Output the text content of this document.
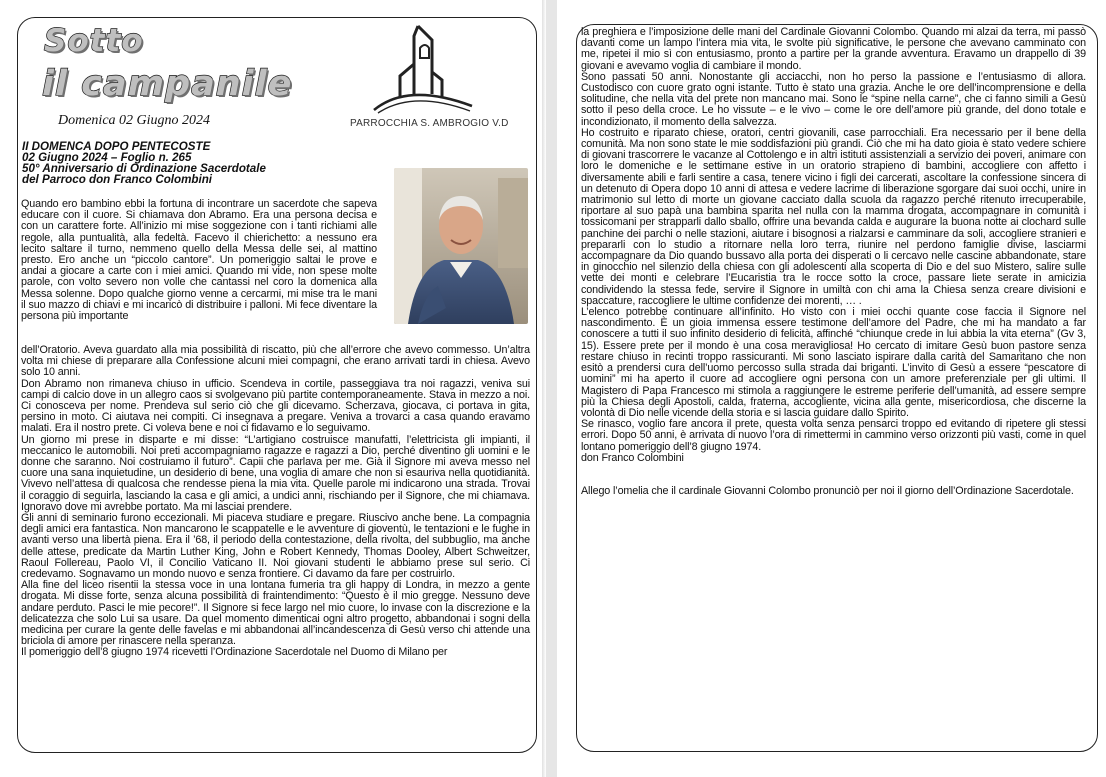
Sotto
il campanile
Domenica 02 Giugno 2024	PARROCCHIA S. AMBROGIO V.D
II DOMENCA DOPO PENTECOSTE
02 Giugno 2024 – Foglio n. 265
50° Anniversario di Ordinazione Sacerdotale
del Parroco don Franco Colombini
Quando ero bambino ebbi la fortuna di incontrare un sacerdote che sapeva educare con il cuore. Si chiamava don Abramo. Era una persona decisa e con un carattere forte. All’inizio mi mise soggezione con i tanti richiami alle regole, alla puntualità, alla fedeltà. Facevo il chierichetto: a nessuno era lecito saltare il turno, nemmeno quello della Messa delle sei, al mattino presto. Ero anche un “piccolo cantore”. Un pomeriggio saltai le prove e andai a giocare a carte con i miei amici. Quando mi vide, non spese molte parole, con volto severo non volle che cantassi nel coro la domenica alla Messa solenne. Dopo qualche giorno venne a cercarmi, mi mise tra le mani il suo mazzo di chiavi e mi incaricò di distribuire i palloni. Mi fece diventare la persona più importante

dell’Oratorio. Aveva guardato alla mia possibilità di riscatto, più che all’errore che avevo commesso. Un’altra volta mi chiese di preparare alla Confessione alcuni miei compagni, che erano arrivati tardi in chiesa. Avevo solo 10 anni.

Don Abramo non rimaneva chiuso in ufficio. Scendeva in cortile, passeggiava tra noi ragazzi, veniva sui campi di calcio dove in un allegro caos si svolgevano più partite contemporaneamente. Stava in mezzo a noi. Ci conosceva per nome. Prendeva sul serio ciò che gli dicevamo. Scherzava, giocava, ci portava in gita, persino in moto. Ci aiutava nei compiti. Ci insegnava a pregare. Veniva a trovarci a casa quando eravamo malati. Era il nostro prete. Ci voleva bene e noi ci fidavamo e lo seguivamo.

Un giorno mi prese in disparte e mi disse: “L’artigiano costruisce manufatti, l’elettricista gli impianti, il meccanico le automobili. Noi preti accompagniamo ragazze e ragazzi a Dio, perché diventino gli uomini e le donne che saranno. Noi costruiamo il futuro”. Capii che parlava per me. Già il Signore mi aveva messo nel cuore una sana inquietudine, un desiderio di bene, una voglia di amare che non si esauriva nella quotidianità. Vivevo nell’attesa di qualcosa che rendesse piena la mia vita. Quelle parole mi indicarono una strada. Trovai il coraggio di seguirla, lasciando la casa e gli amici, a undici anni, rischiando per il Signore, che mi chiamava. Ignoravo dove mi avrebbe portato. Ma mi lasciai prendere.

Gli anni di seminario furono eccezionali. Mi piaceva studiare e pregare. Riuscivo anche bene. La compagnia degli amici era fantastica. Non mancarono le scappatelle e le avventure di gioventù, le tentazioni e le fughe in avanti verso una libertà piena. Era il ’68, il periodo della contestazione, della rivolta, del subbuglio, ma anche delle attese, predicate da Martin Luther King, John e Robert Kennedy, Thomas Dooley, Albert Schweitzer, Raoul Follereau, Paolo VI, il Concilio Vaticano II. Noi giovani studenti le abbiamo prese sul serio. Ci credevamo. Sognavamo un mondo nuovo e senza frontiere. Ci davamo da fare per costruirlo.

Alla fine del liceo risentii la stessa voce in una lontana fumeria tra gli happy di Londra, in mezzo a gente drogata. Mi disse forte, senza alcuna possibilità di fraintendimento: “Questo è il mio gregge. Nessuno deve andare perduto. Pasci le mie pecore!”. Il Signore si fece largo nel mio cuore, lo invase con la discrezione e la delicatezza che solo Lui sa usare. Da quel momento dimenticai ogni altro progetto, abbandonai i sogni della medicina per curare la gente delle favelas e mi abbandonai all’incandescenza di Gesù verso chi attende una briciola di amore per rinascere nella speranza.

Il pomeriggio dell’8 giugno 1974 ricevetti l’Ordinazione Sacerdotale nel Duomo di Milano per

la preghiera e l’imposizione delle mani del Cardinale Giovanni Colombo. Quando mi alzai da terra, mi passò davanti come un lampo l’intera mia vita, le svolte più significative, le persone che avevano camminato con me, ripetei il mio sì con entusiasmo, pronto a partire per la grande avventura. Eravamo un drappello di 39 giovani e avevamo voglia di cambiare il mondo.

Sono passati 50 anni. Nonostante gli acciacchi, non ho perso la passione e l’entusiasmo di allora. Custodisco con cuore grato ogni istante. Tutto è stato una grazia. Anche le ore dell’incomprensione e della solitudine, che nella vita del prete non mancano mai. Sono le “spine nella carne”, che ci fanno simili a Gesù sotto il peso della croce. Le ho vissute – e le vivo – come le ore dell’amore più grande, del dono totale e incondizionato, il momento della salvezza.

Ho costruito e riparato chiese, oratori, centri giovanili, case parrocchiali. Era necessario per il bene della comunità. Ma non sono state le mie soddisfazioni più grandi. Ciò che mi ha dato gioia è stato vedere schiere di giovani trascorrere le vacanze al Cottolengo e in altri istituti assistenziali a servizio dei poveri, animare con loro le domeniche e le settimane estive in un oratorio strapieno di bambini, accogliere con affetto i diversamente abili e farli sentire a casa, tenere vicino i figli dei carcerati, ascoltare la confessione sincera di un detenuto di Opera dopo 10 anni di attesa e vedere lacrime di liberazione sgorgare dai suoi occhi, unire in matrimonio sul letto di morte un giovane cacciato dalla scuola da ragazzo perché ritenuto irrecuperabile, riportare al suo papà una bambina sparita nel nulla con la mamma drogata, accompagnare in comunità i tossicomani per strapparli dallo sballo, offrire una bevanda calda e augurare la buona notte ai clochard sulle panchine dei parchi o nelle stazioni, aiutare i bisognosi a rialzarsi e camminare da soli, accogliere stranieri e prepararli con lo studio a ritornare nella loro terra, riunire nel perdono famiglie divise, lasciarmi accompagnare da Dio quando bussavo alla porta dei disperati o li cercavo nelle cascine abbandonate, stare in ginocchio nel silenzio della chiesa con gli adolescenti alla scoperta di Dio e del suo Mistero, salire sulle vette dei monti e celebrare l’Eucaristia tra le rocce sotto la croce, passare liete serate in amicizia condividendo la stessa fede, servire il Signore in umiltà con chi ama la Chiesa senza creare divisioni e spaccature, raccogliere le ultime confidenze dei morenti, … .

L’elenco potrebbe continuare all’infinito. Ho visto con i miei occhi quante cose faccia il Signore nel nascondimento. È un gioia immensa essere testimone dell’amore del Padre, che mi ha mandato a far conoscere a tutti il suo infinito desiderio di felicità, affinché “chiunque crede in lui abbia la vita eterna” (Gv 3, 15). Essere prete per il mondo è una cosa meravigliosa! Ho cercato di imitare Gesù buon pastore senza restare chiuso in recinti troppo rassicuranti. Mi sono lasciato ispirare dalla carità del Samaritano che non esitò a prendersi cura dell’uomo percosso sulla strada dai briganti. L’invito di Gesù a essere “pescatore di uomini” mi ha aperto il cuore ad accogliere ogni persona con un amore preferenziale per gli ultimi. Il Magistero di Papa Francesco mi stimola a raggiungere le estreme periferie dell’umanità, ad essere sempre più la Chiesa degli Apostoli, calda, fraterna, accogliente, vicina alla gente, misericordiosa, che discerne la volontà di Dio nelle vicende della storia e si lascia guidare dallo Spirito.

Se rinasco, voglio fare ancora il prete, questa volta senza pensarci troppo ed evitando di ripetere gli stessi errori. Dopo 50 anni, è arrivata di nuovo l’ora di rimettermi in cammino verso orizzonti più vasti, come in quel lontano pomeriggio dell’8 giugno 1974.

don Franco Colombini

Allego l’omelia che il cardinale Giovanni Colombo pronunciò per noi il giorno dell’Ordinazione Sacerdotale.
